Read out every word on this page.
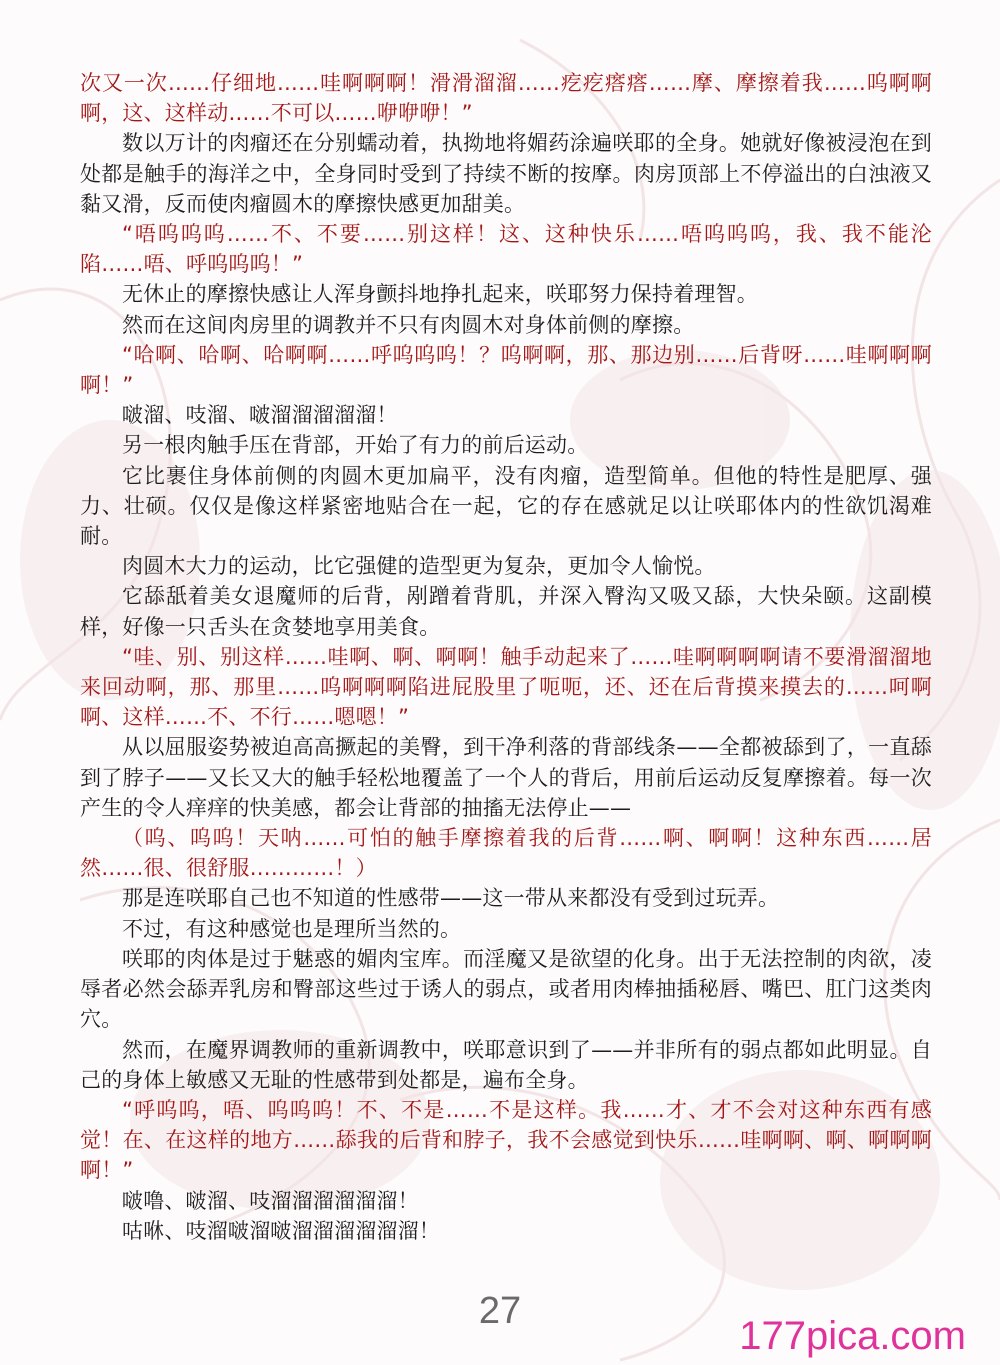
次又一次……仔细地……哇啊啊啊！滑滑溜溜……疙疙瘩瘩……摩、摩擦着我……呜啊啊啊，这、这样动……不可以……咿咿咿！”

数以万计的肉瘤还在分别蠕动着，执拗地将媚药涂遍咲耶的全身。她就好像被浸泡在到处都是触手的海洋之中，全身同时受到了持续不断的按摩。肉房顶部上不停溢出的白浊液又黏又滑，反而使肉瘤圆木的摩擦快感更加甜美。

“唔呜呜呜……不、不要……别这样！这、这种快乐……唔呜呜呜，我、我不能沦陷……唔、呼呜呜呜！”

无休止的摩擦快感让人浑身颤抖地挣扎起来，咲耶努力保持着理智。

然而在这间肉房里的调教并不只有肉圆木对身体前侧的摩擦。

“哈啊、哈啊、哈啊啊……呼呜呜呜！？呜啊啊，那、那边别……后背呀……哇啊啊啊啊！”

啵溜、吱溜、啵溜溜溜溜溜！

另一根肉触手压在背部，开始了有力的前后运动。

它比裹住身体前侧的肉圆木更加扁平，没有肉瘤，造型简单。但他的特性是肥厚、强力、壮硕。仅仅是像这样紧密地贴合在一起，它的存在感就足以让咲耶体内的性欲饥渴难耐。

肉圆木大力的运动，比它强健的造型更为复杂，更加令人愉悦。

它舔舐着美女退魔师的后背，剐蹭着背肌，并深入臀沟又吸又舔，大快朵颐。这副模样，好像一只舌头在贪婪地享用美食。

“哇、别、别这样……哇啊、啊、啊啊！触手动起来了……哇啊啊啊啊请不要滑溜溜地来回动啊，那、那里……呜啊啊啊陷进屁股里了呃呃，还、还在后背摸来摸去的……呵啊啊、这样……不、不行……嗯嗯！”

从以屈服姿势被迫高高撅起的美臀，到干净利落的背部线条——全都被舔到了，一直舔到了脖子——又长又大的触手轻松地覆盖了一个人的背后，用前后运动反复摩擦着。每一次产生的令人痒痒的快美感，都会让背部的抽搐无法停止——

（呜、呜呜！天呐……可怕的触手摩擦着我的后背……啊、啊啊！这种东西……居然……很、很舒服…………！）

那是连咲耶自己也不知道的性感带——这一带从来都没有受到过玩弄。

不过，有这种感觉也是理所当然的。

咲耶的肉体是过于魅惑的媚肉宝库。而淫魔又是欲望的化身。出于无法控制的肉欲，凌辱者必然会舔弄乳房和臀部这些过于诱人的弱点，或者用肉棒抽插秘唇、嘴巴、肛门这类肉穴。

然而，在魔界调教师的重新调教中，咲耶意识到了——并非所有的弱点都如此明显。自己的身体上敏感又无耻的性感带到处都是，遍布全身。

“呼呜呜，唔、呜呜呜！不、不是……不是这样。我……才、才不会对这种东西有感觉！在、在这样的地方……舔我的后背和脖子，我不会感觉到快乐……哇啊啊、啊、啊啊啊啊！”

啵噜、啵溜、吱溜溜溜溜溜溜！

咕咻、吱溜啵溜啵溜溜溜溜溜溜！

27
177pica.com
